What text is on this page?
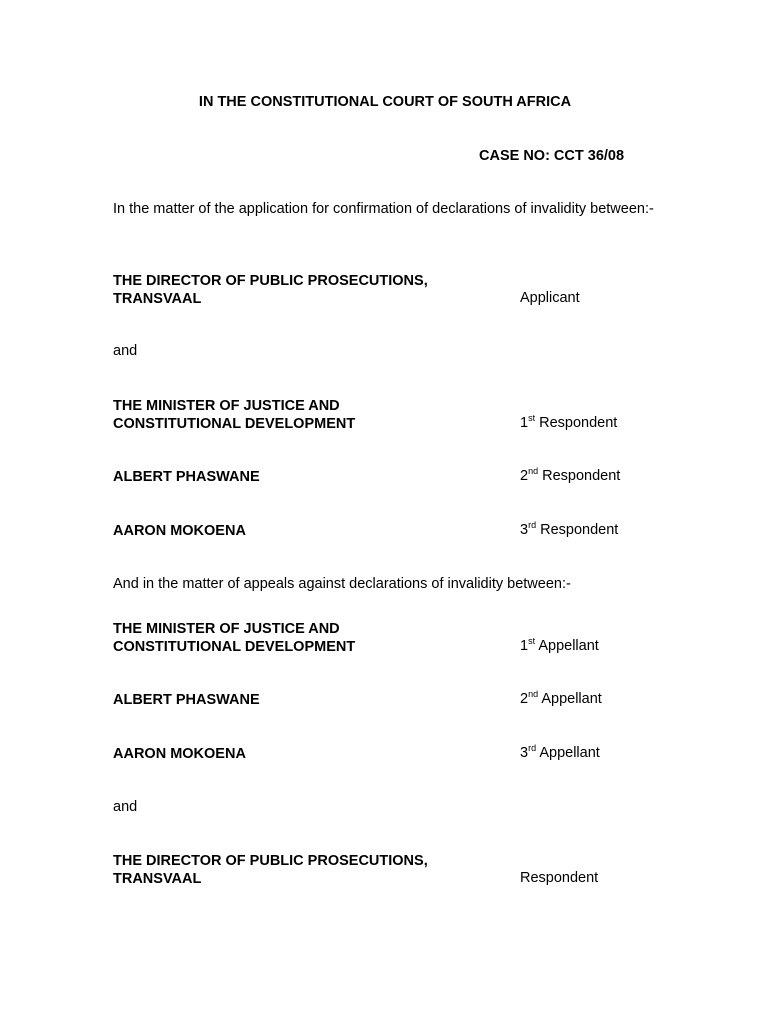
IN THE CONSTITUTIONAL COURT OF SOUTH AFRICA
CASE NO: CCT 36/08
In the matter of the application for confirmation of declarations of invalidity between:-
THE DIRECTOR OF PUBLIC PROSECUTIONS,
TRANSVAAL	Applicant
and
THE MINISTER OF JUSTICE AND
CONSTITUTIONAL DEVELOPMENT	1st Respondent
ALBERT PHASWANE	2nd Respondent
AARON MOKOENA	3rd Respondent
And in the matter of appeals against declarations of invalidity between:-
THE MINISTER OF JUSTICE AND
CONSTITUTIONAL DEVELOPMENT	1st Appellant
ALBERT PHASWANE	2nd Appellant
AARON MOKOENA	3rd Appellant
and
THE DIRECTOR OF PUBLIC PROSECUTIONS,
TRANSVAAL	Respondent
